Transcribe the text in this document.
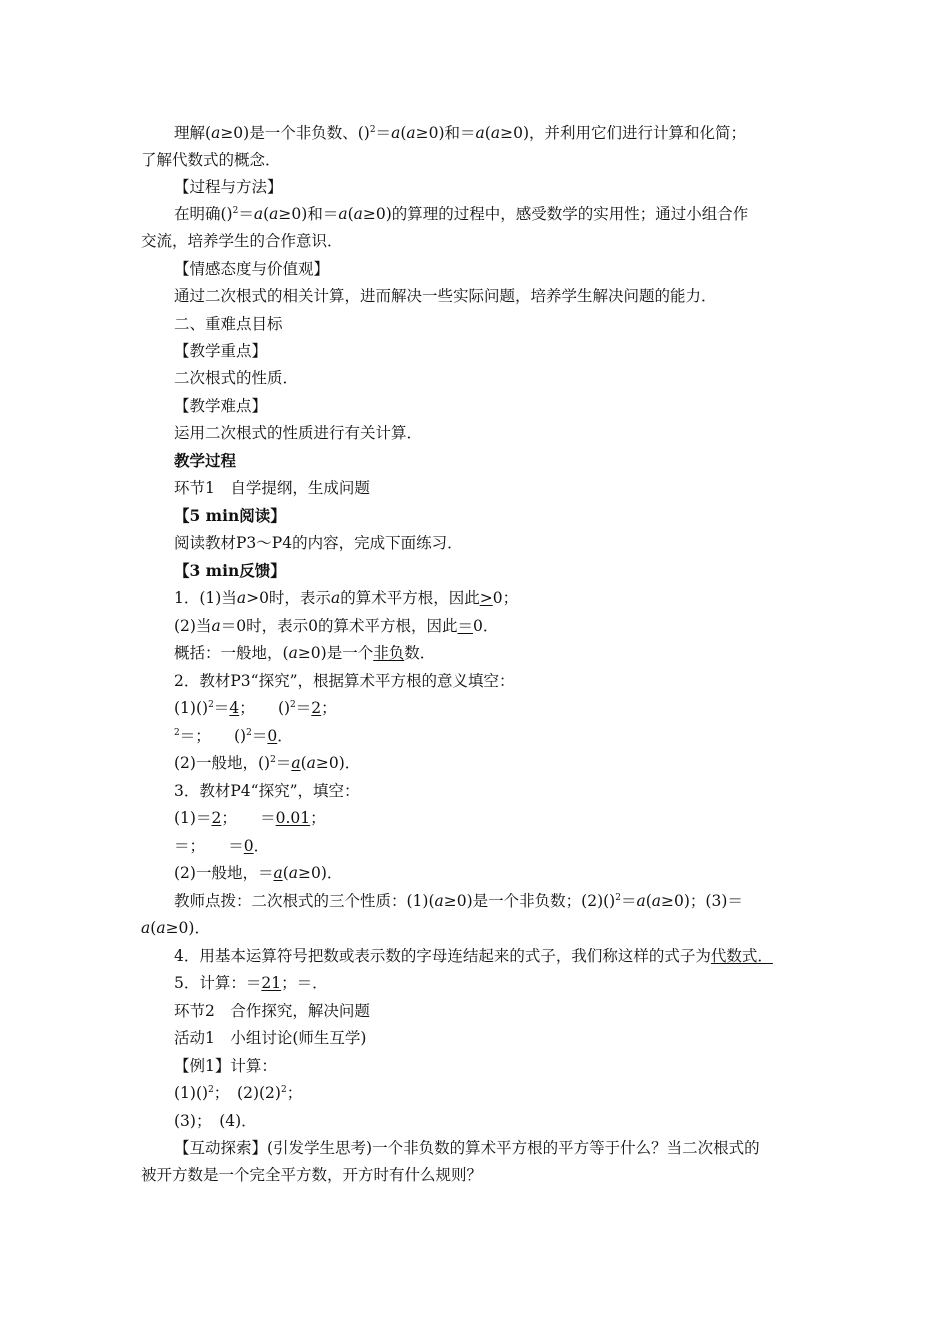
理解(a≥0)是一个非负数、()$^2$＝a(a≥0)和＝a(a≥0)，并利用它们进行计算和化简；
了解代数式的概念．
【过程与方法】
在明确()$^2$＝a(a≥0)和＝a(a≥0)的算理的过程中，感受数学的实用性；通过小组合作
交流，培养学生的合作意识．
【情感态度与价值观】
通过二次根式的相关计算，进而解决一些实际问题，培养学生解决问题的能力．
二、重难点目标
【教学重点】
二次根式的性质．
【教学难点】
运用二次根式的性质进行有关计算．
教学过程
环节1　自学提纲，生成问题
【5 min阅读】
阅读教材P3～P4的内容，完成下面练习．
【3 min反馈】
1．(1)当a>0时，表示a的算术平方根，因此>0；
(2)当a＝0时，表示0的算术平方根，因此＝0．
概括：一般地，(a≥0)是一个非负数．
2．教材P3“探究”，根据算术平方根的意义填空：
(1)()$^2$＝4；　　()$^2$＝2；
$^2$＝；　　()$^2$＝0．
(2)一般地，()$^2$＝a(a≥0)．
3．教材P4“探究”，填空：
(1)＝2；　　＝0.01；
＝；　　＝0．
(2)一般地，＝a(a≥0)．
教师点拨：二次根式的三个性质：(1)(a≥0)是一个非负数；(2)()$^2$＝a(a≥0)；(3)＝
a(a≥0)．
4．用基本运算符号把数或表示数的字母连结起来的式子，我们称这样的式子为代数式．
5．计算：＝21；＝．
环节2　合作探究，解决问题
活动1　小组讨论(师生互学)
【例1】计算：
(1)()$^2$；　$(2)(2)^2$；
(3)；　(4)．
【互动探索】(引发学生思考)一个非负数的算术平方根的平方等于什么？当二次根式的
被开方数是一个完全平方数，开方时有什么规则？
